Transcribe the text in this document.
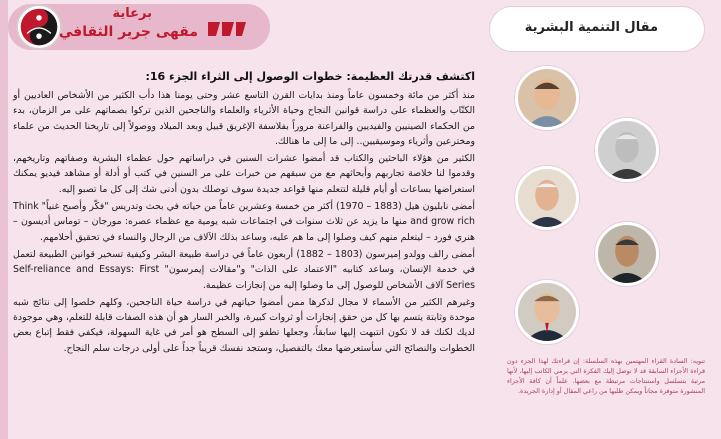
برعاية
مقهى جرير الثقافي	مقال التنمية البشرية
اكتشف قدرتك العظيمة: خطوات الوصول إلى الثراء الجزء 16:

منذ أكثر من مائة وخمسون عاماً ومنذ بدايات القرن التاسع عشر وحتى يومنا هذا دأب الكثير من الأشخاص العاديين أو الكتّاب والعظماء على دراسة قوانين النجاح وحياة الأثرياء والعلماء والناجحين الذين تركوا بصماتهم على مر الزمان، بدء من الحكماء الصينيين والفيديين والفراعنة مروراً بفلاسفة الإغريق قبيل وبعد الميلاد ووصولاً إلى تاريخنا الحديث من علماء ومخترعين وأثرياء وموسيقيين.. إلى ما إلى ما هنالك.

الكثير من هؤلاء الباحثين والكتاب قد أمضوا عشرات السنين في دراساتهم حول عظماء البشرية وصفاتهم وتاريخهم، وقدموا لنا خلاصة تجاربهم وأبحاثهم مع من سبقهم من خبرات على مر السنين في كتب أو أدلة أو مشاهد فيديو يمكنك استعراضها بساعات أو أيام قليلة لتتعلم منها قواعد جديدة سوف توصلك بدون أدنى شك إلى كل ما تصبو إليه.

أمضى نابليون هيل (1883 – 1970) أكثر من خمسة وعشرين عاماً من حياته في بحث وتدريس "فكّر وأصبح غنياً" Think and grow rich منها ما يزيد عن ثلاث سنوات في اجتماعات شبه يومية مع عظماء عصره: مورجان – توماس أديسون – هنري فورد – ليتعلم منهم كيف وصلوا إلى ما هم عليه، وساعد بذلك الآلاف من الرجال والنساء في تحقيق أحلامهم.

أمضى رالف وولدو إميرسون (1803 – 1882) أربعون عاماً في دراسة طبيعة البشر وكيفية تسخير قوانين الطبيعة لتعمل في خدمة الإنسان، وساعد كتابيه "الاعتماد على الذات" و"مقالات إيمرسون" Self-reliance and Essays: First Series آلاف الأشخاص للوصول إلى ما وصلوا إليه من إنجازات عظيمة.

وغيرهم الكثير من الأسماء لا مجال لذكرها ممن أمضوا حياتهم في دراسة حياة الناجحين، وكلهم خلصوا إلى نتائج شبه موحدة وثابتة يتسم بها كل من حقق إنجازات أو ثروات كبيرة، والخبر السار هو أن هذه الصفات قابلة للتعلم، وهي موجودة لديك لكنك قد لا تكون انتبهت إليها سابقاً، وجعلها تطفو إلى السطح هو أمر في غاية السهولة، فيكفي فقط إتباع بعض الخطوات والنصائح التي سأستعرضها معك بالتفصيل، وستجد نفسك قريباً جداً على أولى درجات سلم النجاح.

تنويه: السادة القراء المهتمين بهذه السلسلة: إن قراءتك لهذا الجزء دون قراءة الأجزاء السابقة قد لا توصل إليك الفكرة التي يرمي الكاتب إليها، لأنها مرتبة بتسلسل واستنتاجات مرتبطة مع بعضها. علماً أن كافة الأجزاء المنشورة متوفرة مجاناً ويمكن طلبها من راعي المقال أو إدارة الجريدة.
